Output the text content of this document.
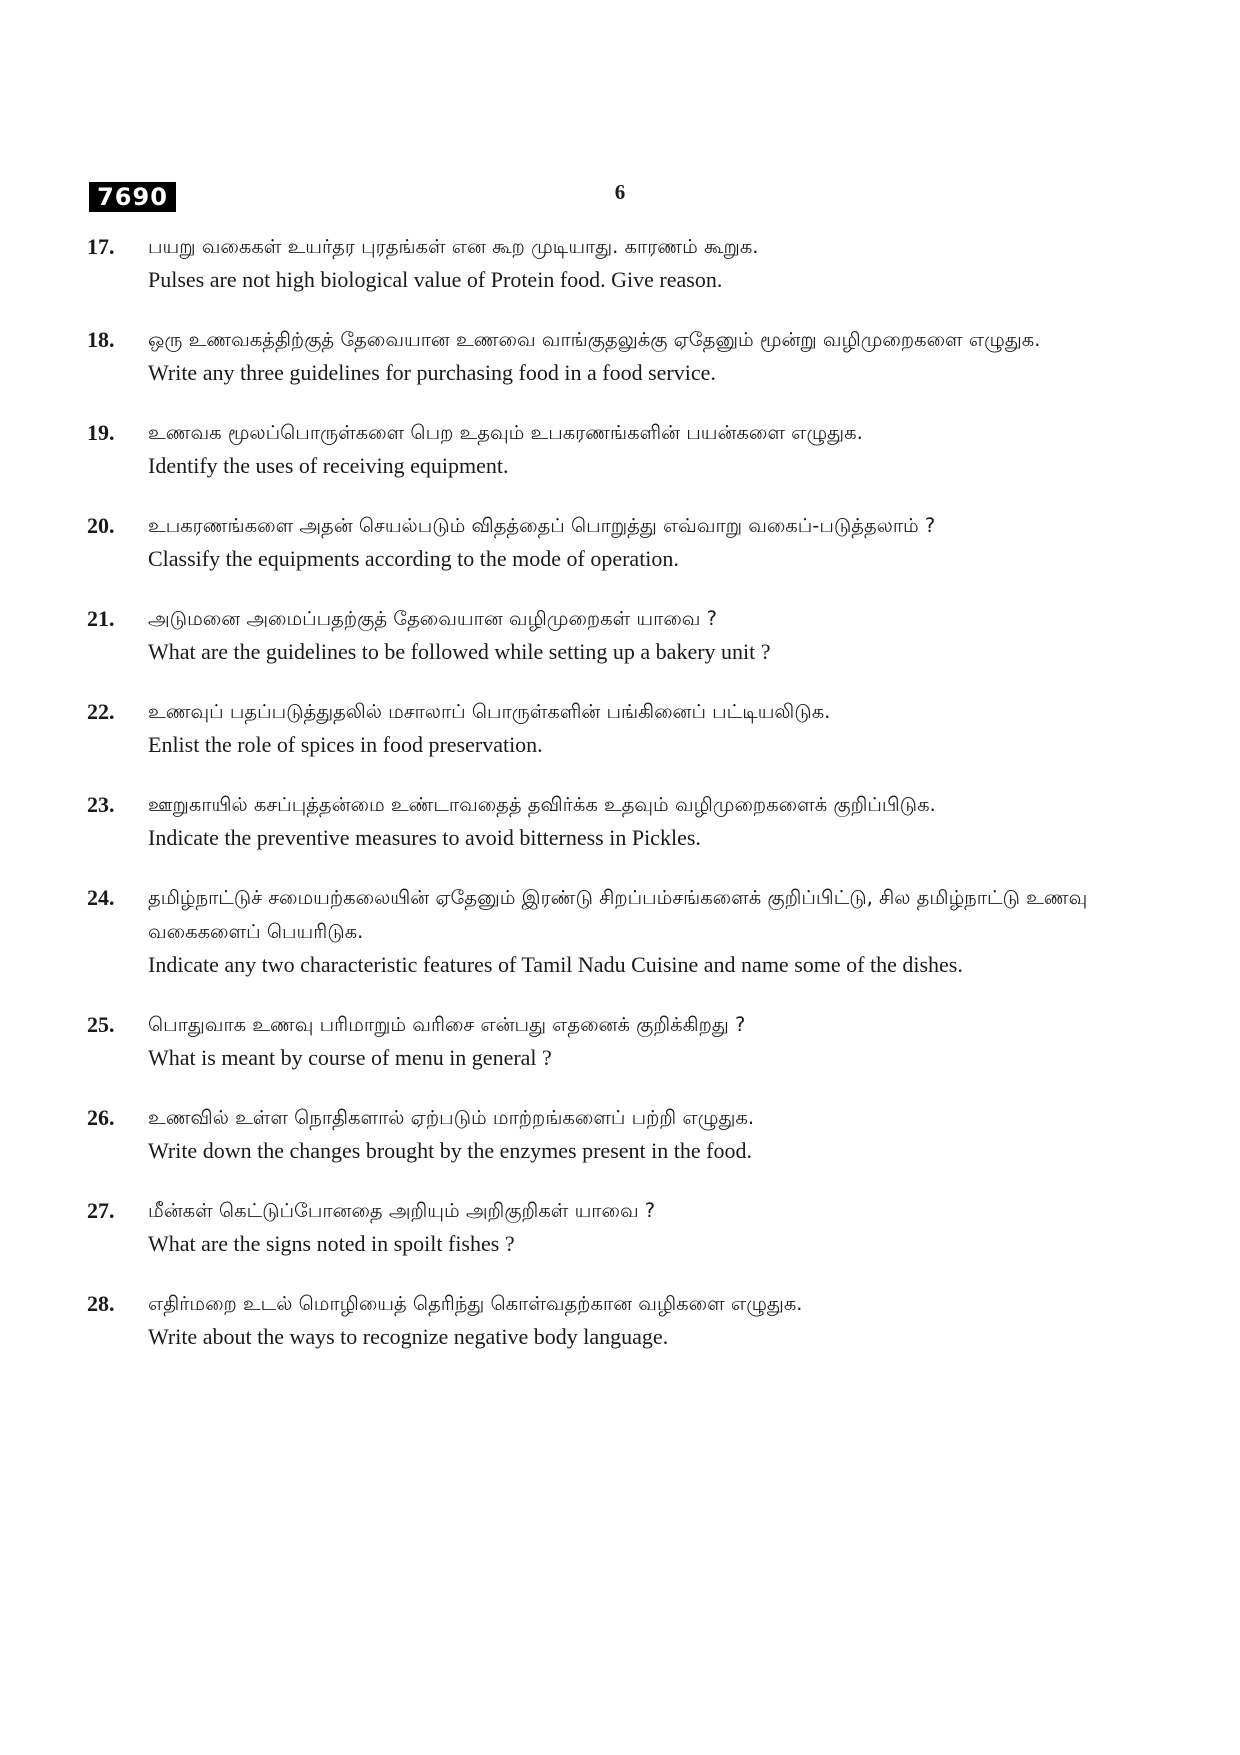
7690	6
17. பயறு வகைகள் உயர்தர புரதங்கள் என கூற முடியாது. காரணம் கூறுக.
Pulses are not high biological value of Protein food. Give reason.
18. ஒரு உணவகத்திற்குத் தேவையான உணவை வாங்குதலுக்கு ஏதேனும் மூன்று வழிமுறைகளை எழுதுக.
Write any three guidelines for purchasing food in a food service.
19. உணவக மூலப்பொருள்களை பெற உதவும் உபகரணங்களின் பயன்களை எழுதுக.
Identify the uses of receiving equipment.
20. உபகரணங்களை அதன் செயல்படும் விதத்தைப் பொறுத்து எவ்வாறு வகைப்-படுத்தலாம் ?
Classify the equipments according to the mode of operation.
21. அடுமனை அமைப்பதற்குத் தேவையான வழிமுறைகள் யாவை ?
What are the guidelines to be followed while setting up a bakery unit ?
22. உணவுப் பதப்படுத்துதலில் மசாலாப் பொருள்களின் பங்கினைப் பட்டியலிடுக.
Enlist the role of spices in food preservation.
23. ஊறுகாயில் கசப்புத்தன்மை உண்டாவதைத் தவிர்க்க உதவும் வழிமுறைகளைக் குறிப்பிடுக.
Indicate the preventive measures to avoid bitterness in Pickles.
24. தமிழ்நாட்டுச் சமையற்கலையின் ஏதேனும் இரண்டு சிறப்பம்சங்களைக் குறிப்பிட்டு, சில தமிழ்நாட்டு உணவு வகைகளைப் பெயரிடுக.
Indicate any two characteristic features of Tamil Nadu Cuisine and name some of the dishes.
25. பொதுவாக உணவு பரிமாறும் வரிசை என்பது எதனைக் குறிக்கிறது ?
What is meant by course of menu in general ?
26. உணவில் உள்ள நொதிகளால் ஏற்படும் மாற்றங்களைப் பற்றி எழுதுக.
Write down the changes brought by the enzymes present in the food.
27. மீன்கள் கெட்டுப்போனதை அறியும் அறிகுறிகள் யாவை ?
What are the signs noted in spoilt fishes ?
28. எதிர்மறை உடல் மொழியைத் தெரிந்து கொள்வதற்கான வழிகளை எழுதுக.
Write about the ways to recognize negative body language.
